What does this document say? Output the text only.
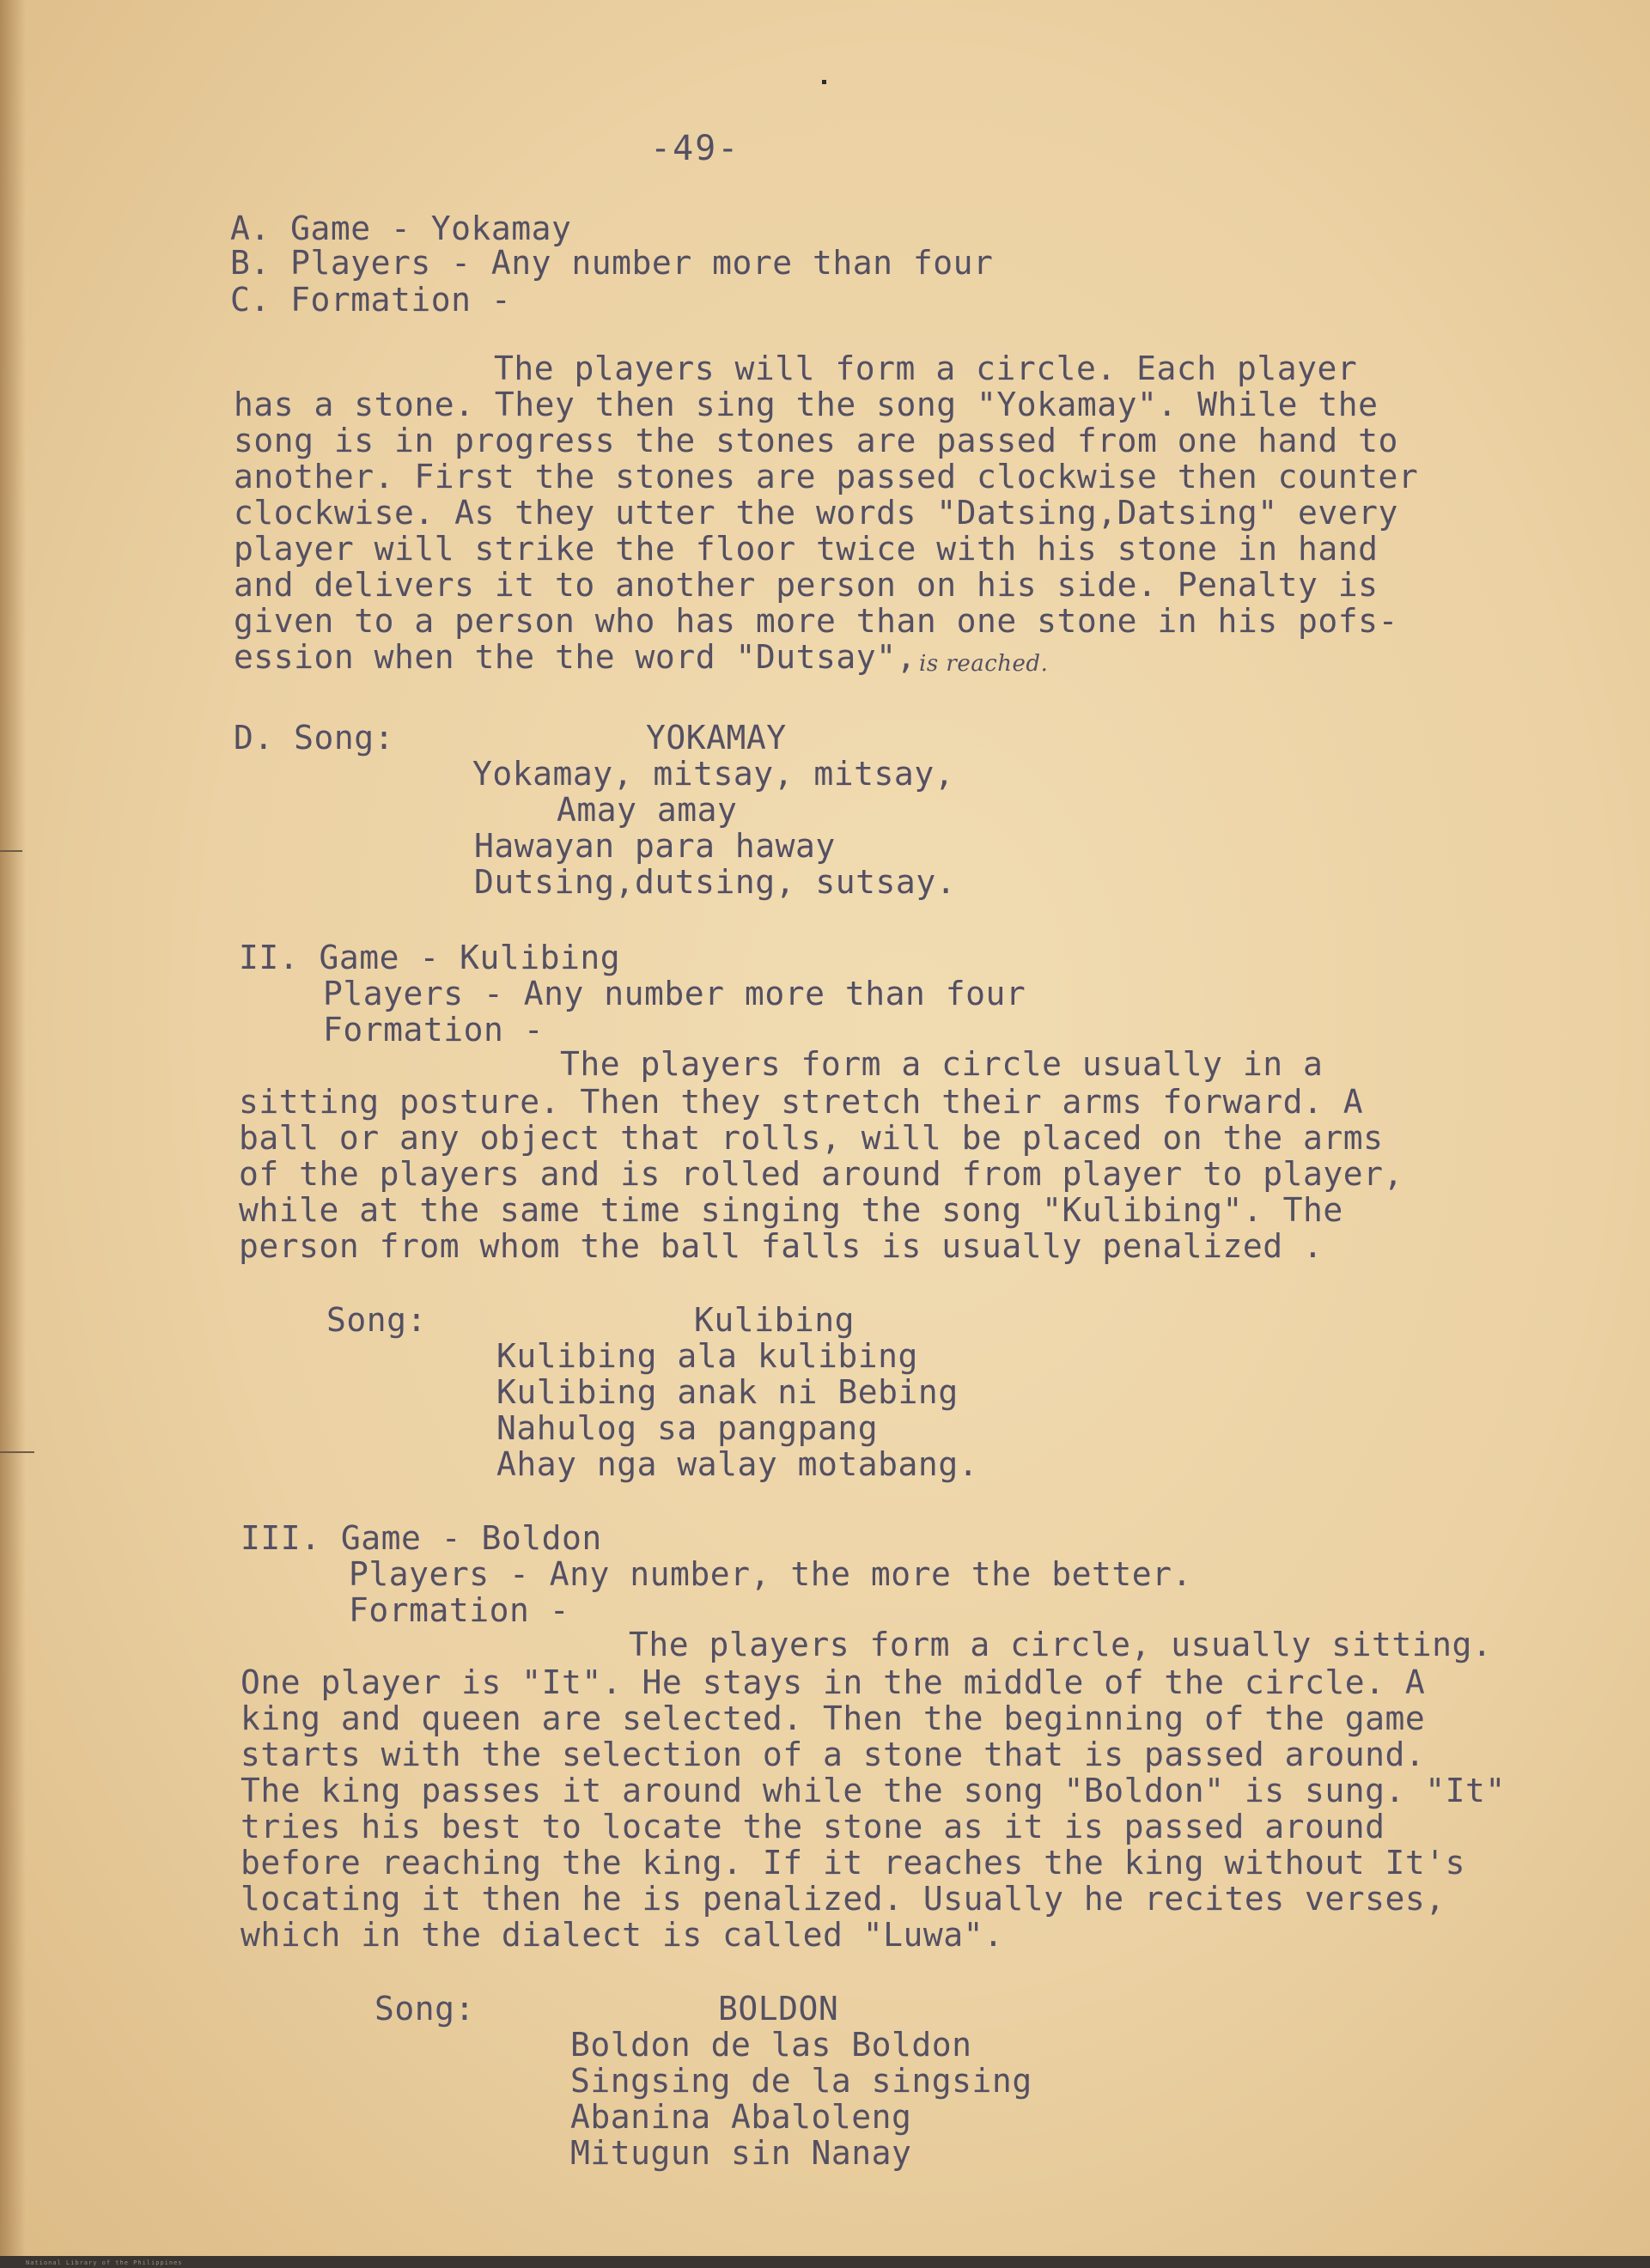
-49-
A. Game - Yokamay
B. Players - Any number more than four
C. Formation -
The players will form a circle. Each player
has a stone. They then sing the song "Yokamay". While the
song is in progress the stones are passed from one hand to
another. First the stones are passed clockwise then counter
clockwise. As they utter the words "Datsing,Datsing" every
player will strike the floor twice with his stone in hand
and delivers it to another person on his side. Penalty is
given to a person who has more than one stone in his pofs-
ession when the the word "Dutsay", is reached.
D. Song:	YOKAMAY
Yokamay, mitsay, mitsay,
Amay amay
Hawayan para haway
Dutsing,dutsing, sutsay.
II. Game - Kulibing
Players - Any number more than four
Formation -
The players form a circle usually in a
sitting posture. Then they stretch their arms forward. A
ball or any object that rolls, will be placed on the arms
of the players and is rolled around from player to player,
while at the same time singing the song "Kulibing". The
person from whom the ball falls is usually penalized .
Song:	Kulibing
Kulibing ala kulibing
Kulibing anak ni Bebing
Nahulog sa pangpang
Ahay nga walay motabang.
III. Game - Boldon
Players - Any number, the more the better.
Formation -
The players form a circle, usually sitting.
One player is "It". He stays in the middle of the circle. A
king and queen are selected. Then the beginning of the game
starts with the selection of a stone that is passed around.
The king passes it around while the song "Boldon" is sung. "It"
tries his best to locate the stone as it is passed around
before reaching the king. If it reaches the king without It's
locating it then he is penalized. Usually he recites verses,
which in the dialect is called "Luwa".
Song:	BOLDON
Boldon de las Boldon
Singsing de la singsing
Abanina Abaloleng
Mitugun sin Nanay
National Library of the Philippines
